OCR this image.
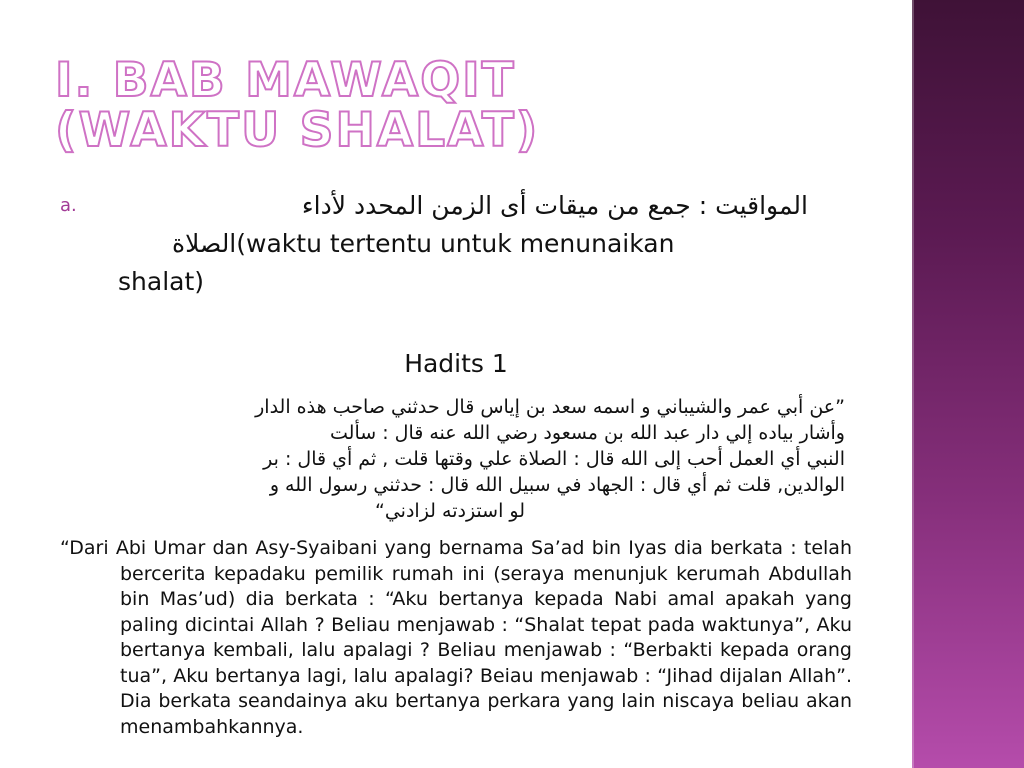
I. BAB MAWAQIT
(WAKTU SHALAT)
a.	المواقيت : جمع من ميقات أى الزمن المحدد لأداء
الصلاة(waktu tertentu untuk menunaikan
shalat)
Hadits 1
”عن أبي عمر والشيباني و اسمه سعد بن إياس قال حدثني صاحب هذه الدار
وأشار بياده إلي دار عبد الله بن مسعود رضي الله عنه قال : سألت
النبي أي العمل أحب إلى الله قال : الصلاة علي وقتها قلت , ثم أي قال : بر
الوالدين, قلت ثم أي قال : الجهاد في سبيل الله قال : حدثني رسول الله و
لو استزدته لزادني“

“Dari Abi Umar dan Asy-Syaibani yang bernama Sa’ad bin Iyas dia berkata : telah bercerita kepadaku pemilik rumah ini (seraya menunjuk kerumah Abdullah bin Mas’ud) dia berkata : “Aku bertanya kepada Nabi amal apakah yang paling dicintai Allah ? Beliau menjawab : “Shalat tepat pada waktunya”, Aku bertanya kembali, lalu apalagi ? Beliau menjawab : “Berbakti kepada orang tua”, Aku bertanya lagi, lalu apalagi? Beiau menjawab : “Jihad dijalan Allah”. Dia berkata seandainya aku bertanya perkara yang lain niscaya beliau akan menambahkannya.
